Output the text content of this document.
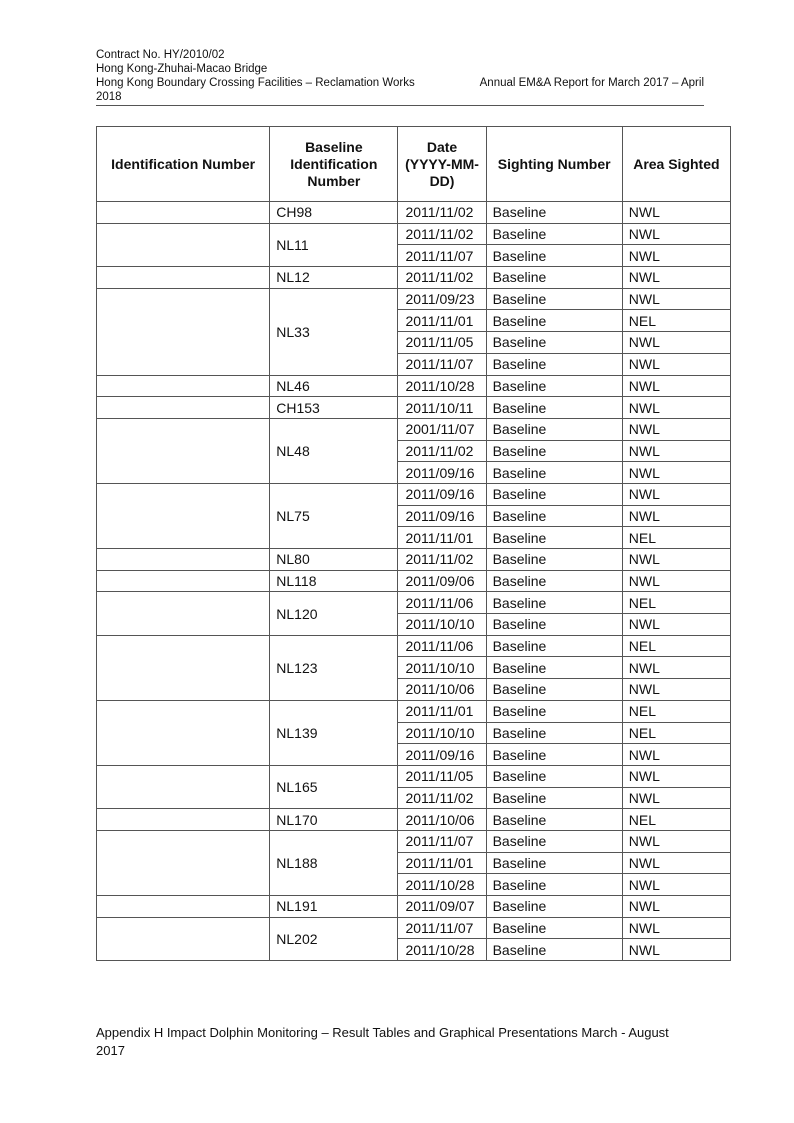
Contract No. HY/2010/02
Hong Kong-Zhuhai-Macao Bridge
Hong Kong Boundary Crossing Facilities – Reclamation Works	Annual EM&A Report for March 2017 – April
2018
Identification Number	Baseline Identification Number	Date (YYYY-MM-DD)	Sighting Number	Area Sighted
	CH98	2011/11/02	Baseline	NWL
	NL11	2011/11/02	Baseline	NWL
		2011/11/07	Baseline	NWL
	NL12	2011/11/02	Baseline	NWL
	NL33	2011/09/23	Baseline	NWL
		2011/11/01	Baseline	NEL
		2011/11/05	Baseline	NWL
		2011/11/07	Baseline	NWL
	NL46	2011/10/28	Baseline	NWL
	CH153	2011/10/11	Baseline	NWL
	NL48	2001/11/07	Baseline	NWL
		2011/11/02	Baseline	NWL
		2011/09/16	Baseline	NWL
	NL75	2011/09/16	Baseline	NWL
		2011/09/16	Baseline	NWL
		2011/11/01	Baseline	NEL
	NL80	2011/11/02	Baseline	NWL
	NL118	2011/09/06	Baseline	NWL
	NL120	2011/11/06	Baseline	NEL
		2011/10/10	Baseline	NWL
	NL123	2011/11/06	Baseline	NEL
		2011/10/10	Baseline	NWL
		2011/10/06	Baseline	NWL
	NL139	2011/11/01	Baseline	NEL
		2011/10/10	Baseline	NEL
		2011/09/16	Baseline	NWL
	NL165	2011/11/05	Baseline	NWL
		2011/11/02	Baseline	NWL
	NL170	2011/10/06	Baseline	NEL
	NL188	2011/11/07	Baseline	NWL
		2011/11/01	Baseline	NWL
		2011/10/28	Baseline	NWL
	NL191	2011/09/07	Baseline	NWL
	NL202	2011/11/07	Baseline	NWL
		2011/10/28	Baseline	NWL
Appendix H Impact Dolphin Monitoring – Result Tables and Graphical Presentations March - August
2017
